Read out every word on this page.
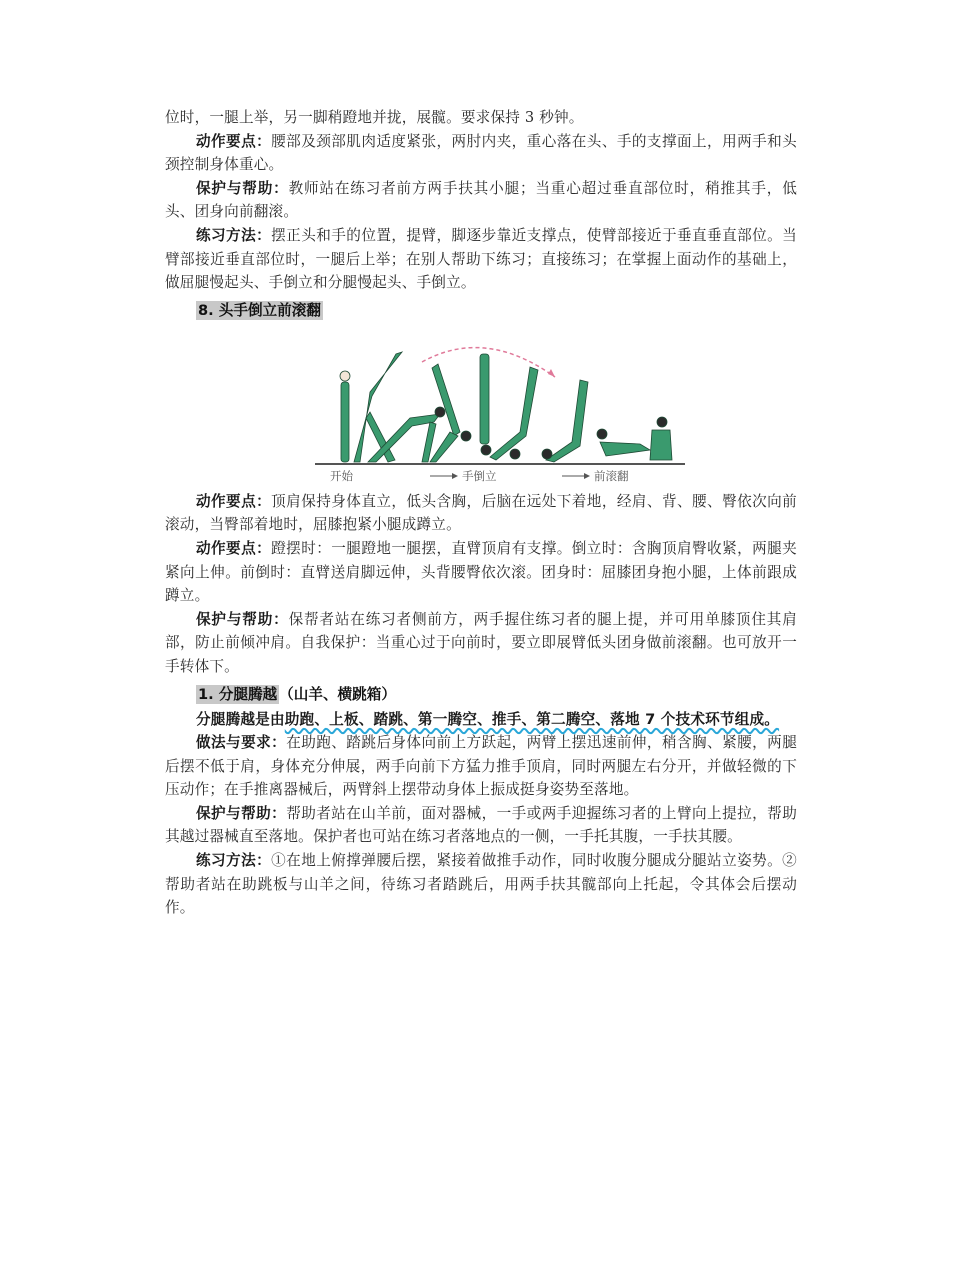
位时，一腿上举，另一脚稍蹬地并拢，展髋。要求保持 3 秒钟。

动作要点：腰部及颈部肌肉适度紧张，两肘内夹，重心落在头、手的支撑面上，用两手和头颈控制身体重心。

保护与帮助：教师站在练习者前方两手扶其小腿；当重心超过垂直部位时，稍推其手，低头、团身向前翻滚。

练习方法：摆正头和手的位置，提臂，脚逐步靠近支撑点，使臂部接近于垂直垂直部位。当臂部接近垂直部位时，一腿后上举；在别人帮助下练习；直接练习；在掌握上面动作的基础上，做屈腿慢起头、手倒立和分腿慢起头、手倒立。

8. 头手倒立前滚翻
开始	手倒立	前滚翻

动作要点：顶肩保持身体直立，低头含胸，后脑在远处下着地，经肩、背、腰、臀依次向前滚动，当臀部着地时，屈膝抱紧小腿成蹲立。

动作要点：蹬摆时：一腿蹬地一腿摆，直臂顶肩有支撑。倒立时：含胸顶肩臀收紧，两腿夹紧向上伸。前倒时：直臂送肩脚远伸，头背腰臀依次滚。团身时：屈膝团身抱小腿，上体前跟成蹲立。

保护与帮助：保帮者站在练习者侧前方，两手握住练习者的腿上提，并可用单膝顶住其肩部，防止前倾冲肩。自我保护：当重心过于向前时，要立即展臂低头团身做前滚翻。也可放开一手转体下。

1. 分腿腾越 （山羊、横跳箱）

分腿腾越是由助跑、上板、踏跳、第一腾空、推手、第二腾空、落地 7 个技术环节组成。

做法与要求：在助跑、踏跳后身体向前上方跃起，两臂上摆迅速前伸，稍含胸、紧腰，两腿后摆不低于肩，身体充分伸展，两手向前下方猛力推手顶肩，同时两腿左右分开，并做轻微的下压动作；在手推离器械后，两臂斜上摆带动身体上振成挺身姿势至落地。

保护与帮助：帮助者站在山羊前，面对器械，一手或两手迎握练习者的上臂向上提拉，帮助其越过器械直至落地。保护者也可站在练习者落地点的一侧，一手托其腹，一手扶其腰。

练习方法：①在地上俯撑弹腰后摆，紧接着做推手动作，同时收腹分腿成分腿站立姿势。②帮助者站在助跳板与山羊之间，待练习者踏跳后，用两手扶其髋部向上托起，令其体会后摆动作。
